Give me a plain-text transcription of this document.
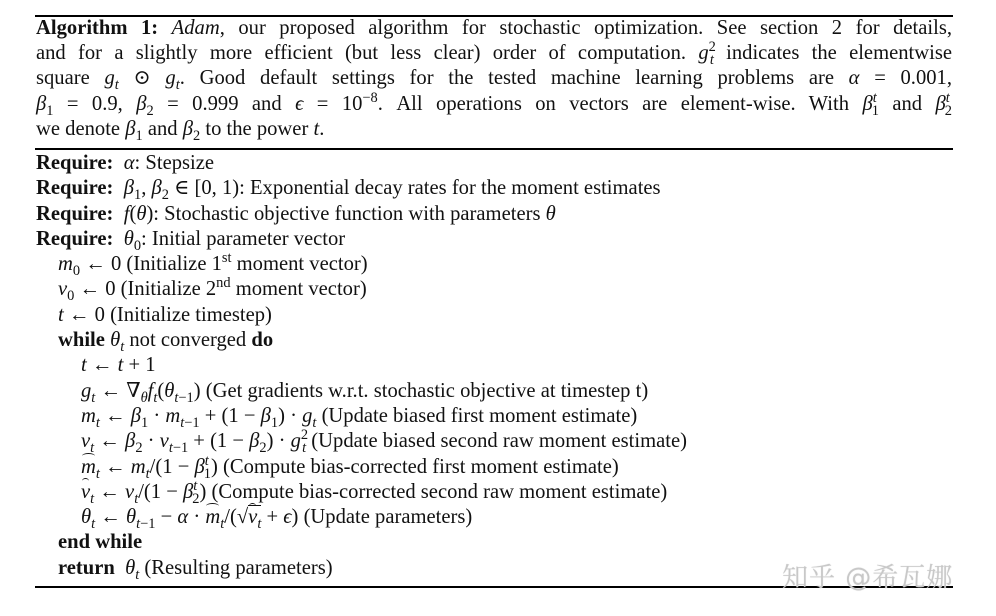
Algorithm 1: Adam, our proposed algorithm for stochastic optimization. See section 2 for details,
and for a slightly more efficient (but less clear) order of computation. $g^2_t$ indicates the elementwise
square $g_t$ ⊙ $g_t$. Good default settings for the tested machine learning problems are α = 0.001,
$\beta_1 = 0.9$, $\beta_2 = 0.999$ and $\epsilon = 10^{-8}$. All operations on vectors are element-wise. With $\beta^t_1$ and $\beta^t_2$
we denote $\beta_1$ and $\beta_2$ to the power t.
Require: α: Stepsize
Require: $\beta_1$, $\beta_2$ ∈ [0, 1): Exponential decay rates for the moment estimates
Require: f(θ): Stochastic objective function with parameters θ
Require: $\theta_0$: Initial parameter vector
$m_0$ ← 0 (Initialize 1st moment vector)
$v_0$ ← 0 (Initialize 2nd moment vector)
t ← 0 (Initialize timestep)
while $\theta_t$ not converged do
t ← t + 1
$g_t$ ← $\nabla_\theta f_t(\theta_{t-1})$ (Get gradients w.r.t. stochastic objective at timestep t)
$m_t$ ← $\beta_1 \cdot m_{t-1} + (1 - \beta_1) \cdot g_t$ (Update biased first moment estimate)
$v_t$ ← $\beta_2 \cdot v_{t-1} + (1 - \beta_2) \cdot g^2_t$ (Update biased second raw moment estimate)
$m_t$ ← $m_t/(1 - \beta^t_1)$ (Compute bias-corrected first moment estimate)
$v_t$ ← $v_t/(1 - \beta^t_2)$ (Compute bias-corrected second raw moment estimate)
$\theta_t$ ← $\theta_{t-1} - \alpha \cdot m_t/(√v_t + \epsilon)$ (Update parameters)
end while
return $\theta_t$ (Resulting parameters)	知乎 @希瓦娜
